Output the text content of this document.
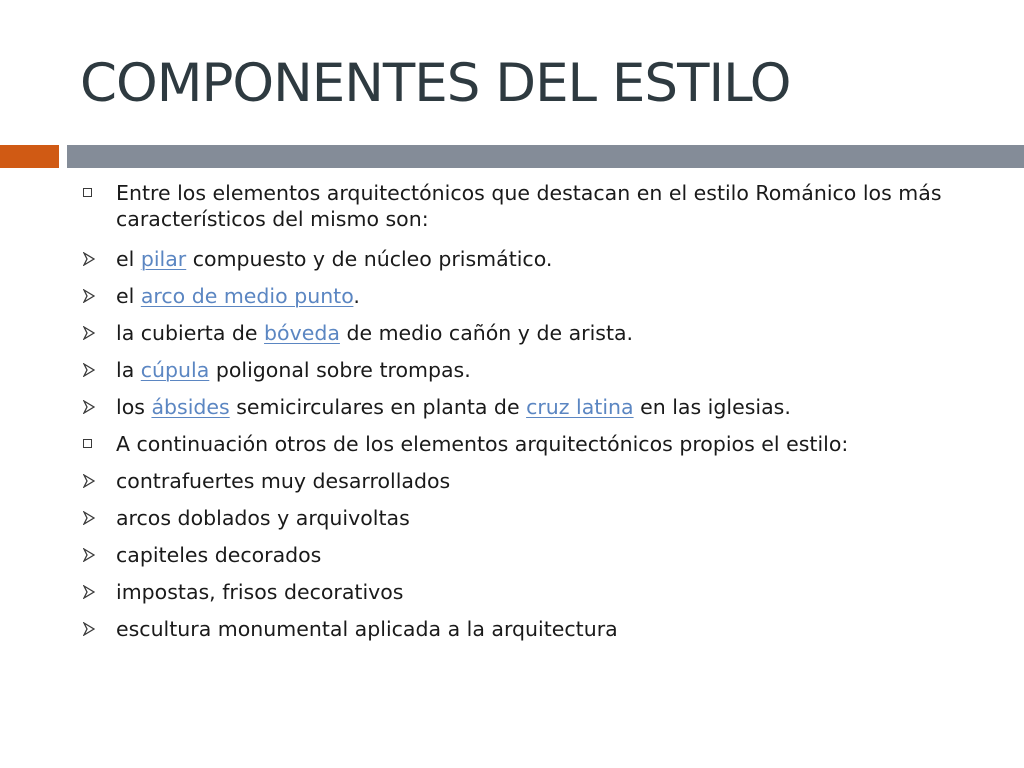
COMPONENTES DEL ESTILO
Entre los elementos arquitectónicos que destacan en el estilo Románico los más característicos del mismo son:
el pilar compuesto y de núcleo prismático.
el arco de medio punto.
la cubierta de bóveda de medio cañón y de arista.
la cúpula poligonal sobre trompas.
los ábsides semicirculares en planta de cruz latina en las iglesias.
A continuación otros de los elementos arquitectónicos propios el estilo:
contrafuertes muy desarrollados
arcos doblados y arquivoltas
capiteles decorados
impostas, frisos decorativos
escultura monumental aplicada a la arquitectura
